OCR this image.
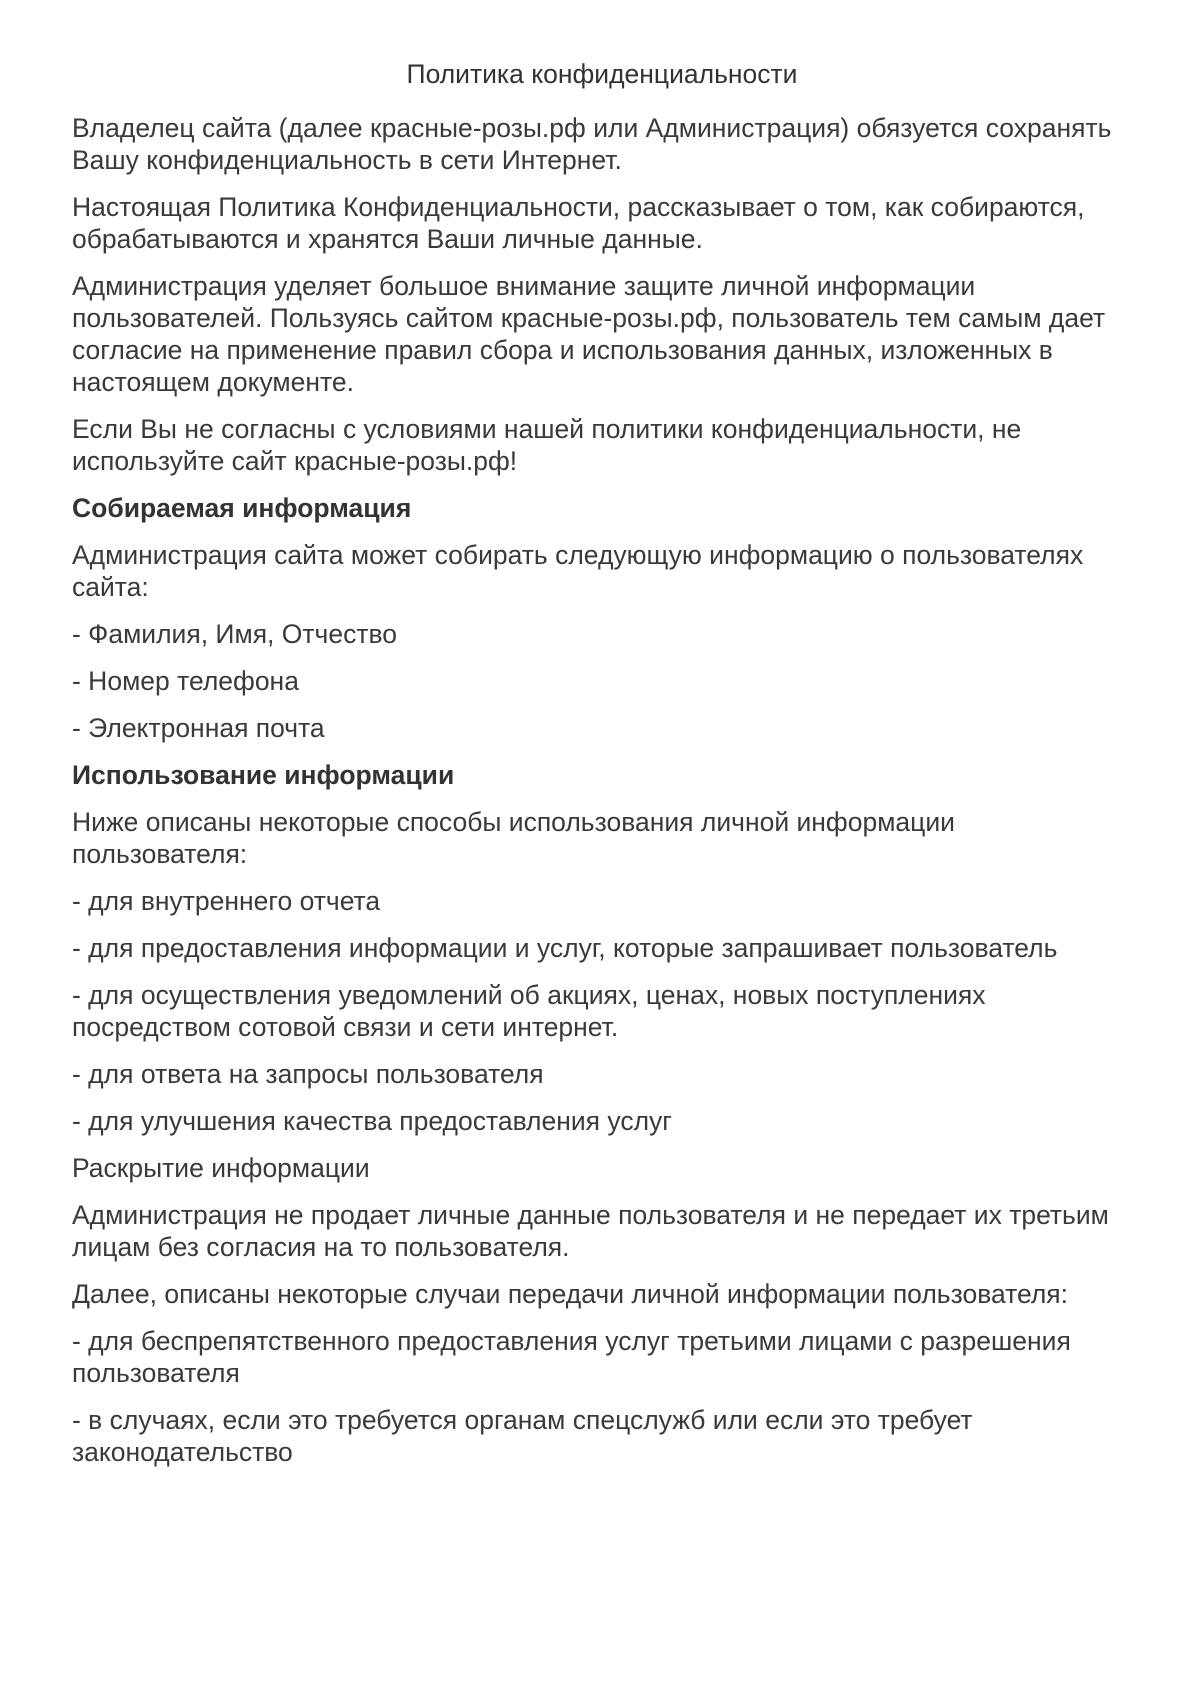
Политика конфиденциальности
Владелец сайта (далее красные-розы.рф или Администрация) обязуется сохранять Вашу конфиденциальность в сети Интернет.
Настоящая Политика Конфиденциальности, рассказывает о том, как собираются, обрабатываются и хранятся Ваши личные данные.
Администрация уделяет большое внимание защите личной информации пользователей. Пользуясь сайтом красные-розы.рф, пользователь тем самым дает согласие на применение правил сбора и использования данных, изложенных в настоящем документе.
Если Вы не согласны с условиями нашей политики конфиденциальности, не используйте сайт красные-розы.рф!
Собираемая информация
Администрация сайта может собирать следующую информацию о пользователях сайта:
- Фамилия, Имя, Отчество
- Номер телефона
- Электронная почта
Использование информации
Ниже описаны некоторые способы использования личной информации пользователя:
- для внутреннего отчета
- для предоставления информации и услуг, которые запрашивает пользователь
- для осуществления уведомлений об акциях, ценах, новых поступлениях посредством сотовой связи и сети интернет.
- для ответа на запросы пользователя
- для улучшения качества предоставления услуг
Раскрытие информации
Администрация не продает личные данные пользователя и не передает их третьим лицам без согласия на то пользователя.
Далее, описаны некоторые случаи передачи личной информации пользователя:
- для беспрепятственного предоставления услуг третьими лицами с разрешения пользователя
- в случаях, если это требуется органам спецслужб или если это требует законодательство
